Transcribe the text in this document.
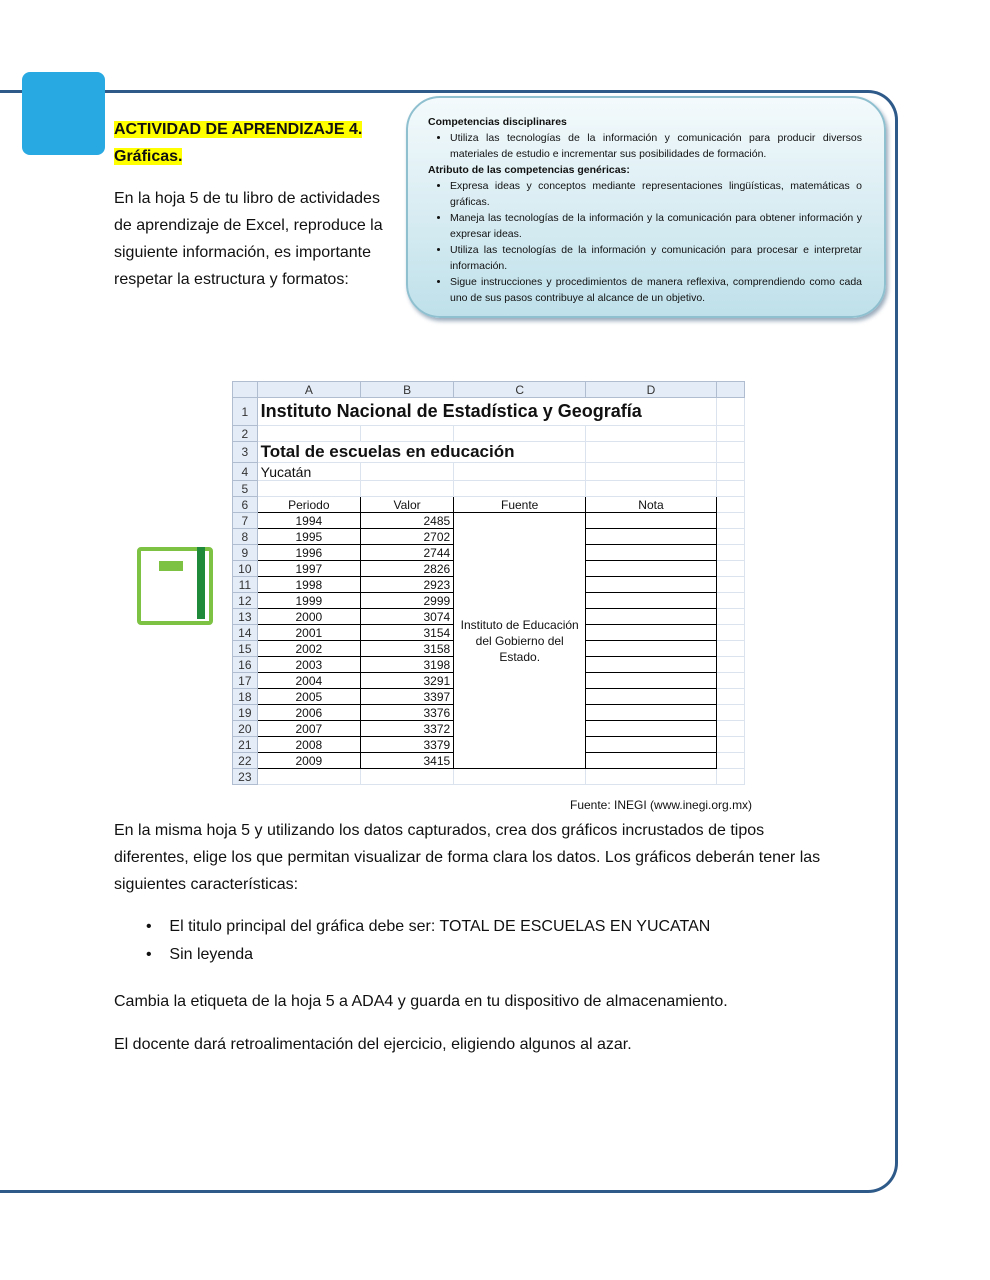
ACTIVIDAD DE APRENDIZAJE 4.
Gráficas.
En la hoja 5 de tu libro de actividades de aprendizaje de Excel, reproduce la siguiente información, es importante respetar la estructura y formatos:
Competencias disciplinares
• Utiliza las tecnologías de la información y comunicación para producir diversos materiales de estudio e incrementar sus posibilidades de formación.
Atributo de las competencias genéricas:
• Expresa ideas y conceptos mediante representaciones lingüísticas, matemáticas o gráficas.
• Maneja las tecnologías de la información y la comunicación para obtener información y expresar ideas.
• Utiliza las tecnologías de la información y comunicación para procesar e interpretar información.
• Sigue instrucciones y procedimientos de manera reflexiva, comprendiendo como cada uno de sus pasos contribuye al alcance de un objetivo.
	A	B	C	D	
1	Instituto Nacional de Estadística y Geografía				
2					
3	Total de escuelas en educación				
4	Yucatán				
5					
6	Periodo	Valor	Fuente	Nota	
7	1994	2485	Instituto de Educación del Gobierno del Estado.		
8	1995	2702			
9	1996	2744			
10	1997	2826			
11	1998	2923			
12	1999	2999			
13	2000	3074			
14	2001	3154			
15	2002	3158			
16	2003	3198			
17	2004	3291			
18	2005	3397			
19	2006	3376			
20	2007	3372			
21	2008	3379			
22	2009	3415			
23					
Fuente: INEGI (www.inegi.org.mx)
En la misma hoja 5 y utilizando los datos capturados, crea dos gráficos incrustados de tipos diferentes, elige los que permitan visualizar de forma clara los datos. Los gráficos deberán tener las siguientes características:
•    El titulo principal del gráfica debe ser: TOTAL DE ESCUELAS EN YUCATAN
•    Sin leyenda
Cambia la etiqueta de la hoja 5 a ADA4 y guarda en tu dispositivo de almacenamiento.
El docente dará retroalimentación del ejercicio, eligiendo algunos al azar.
